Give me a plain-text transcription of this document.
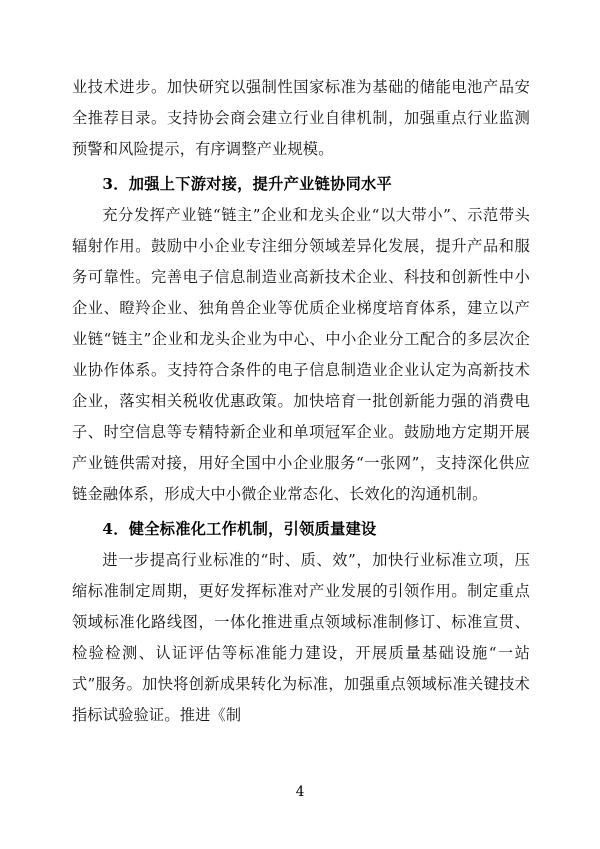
业技术进步。加快研究以强制性国家标准为基础的储能电池产品安全推荐目录。支持协会商会建立行业自律机制，加强重点行业监测预警和风险提示，有序调整产业规模。

3．加强上下游对接，提升产业链协同水平

充分发挥产业链“链主”企业和龙头企业“以大带小”、示范带头辐射作用。鼓励中小企业专注细分领域差异化发展，提升产品和服务可靠性。完善电子信息制造业高新技术企业、科技和创新性中小企业、瞪羚企业、独角兽企业等优质企业梯度培育体系，建立以产业链“链主”企业和龙头企业为中心、中小企业分工配合的多层次企业协作体系。支持符合条件的电子信息制造业企业认定为高新技术企业，落实相关税收优惠政策。加快培育一批创新能力强的消费电子、时空信息等专精特新企业和单项冠军企业。鼓励地方定期开展产业链供需对接，用好全国中小企业服务“一张网”，支持深化供应链金融体系，形成大中小微企业常态化、长效化的沟通机制。

4．健全标准化工作机制，引领质量建设

进一步提高行业标准的“时、质、效”，加快行业标准立项，压缩标准制定周期，更好发挥标准对产业发展的引领作用。制定重点领域标准化路线图，一体化推进重点领域标准制修订、标准宣贯、检验检测、认证评估等标准能力建设，开展质量基础设施“一站式”服务。加快将创新成果转化为标准，加强重点领域标准关键技术指标试验验证。推进《制

4
